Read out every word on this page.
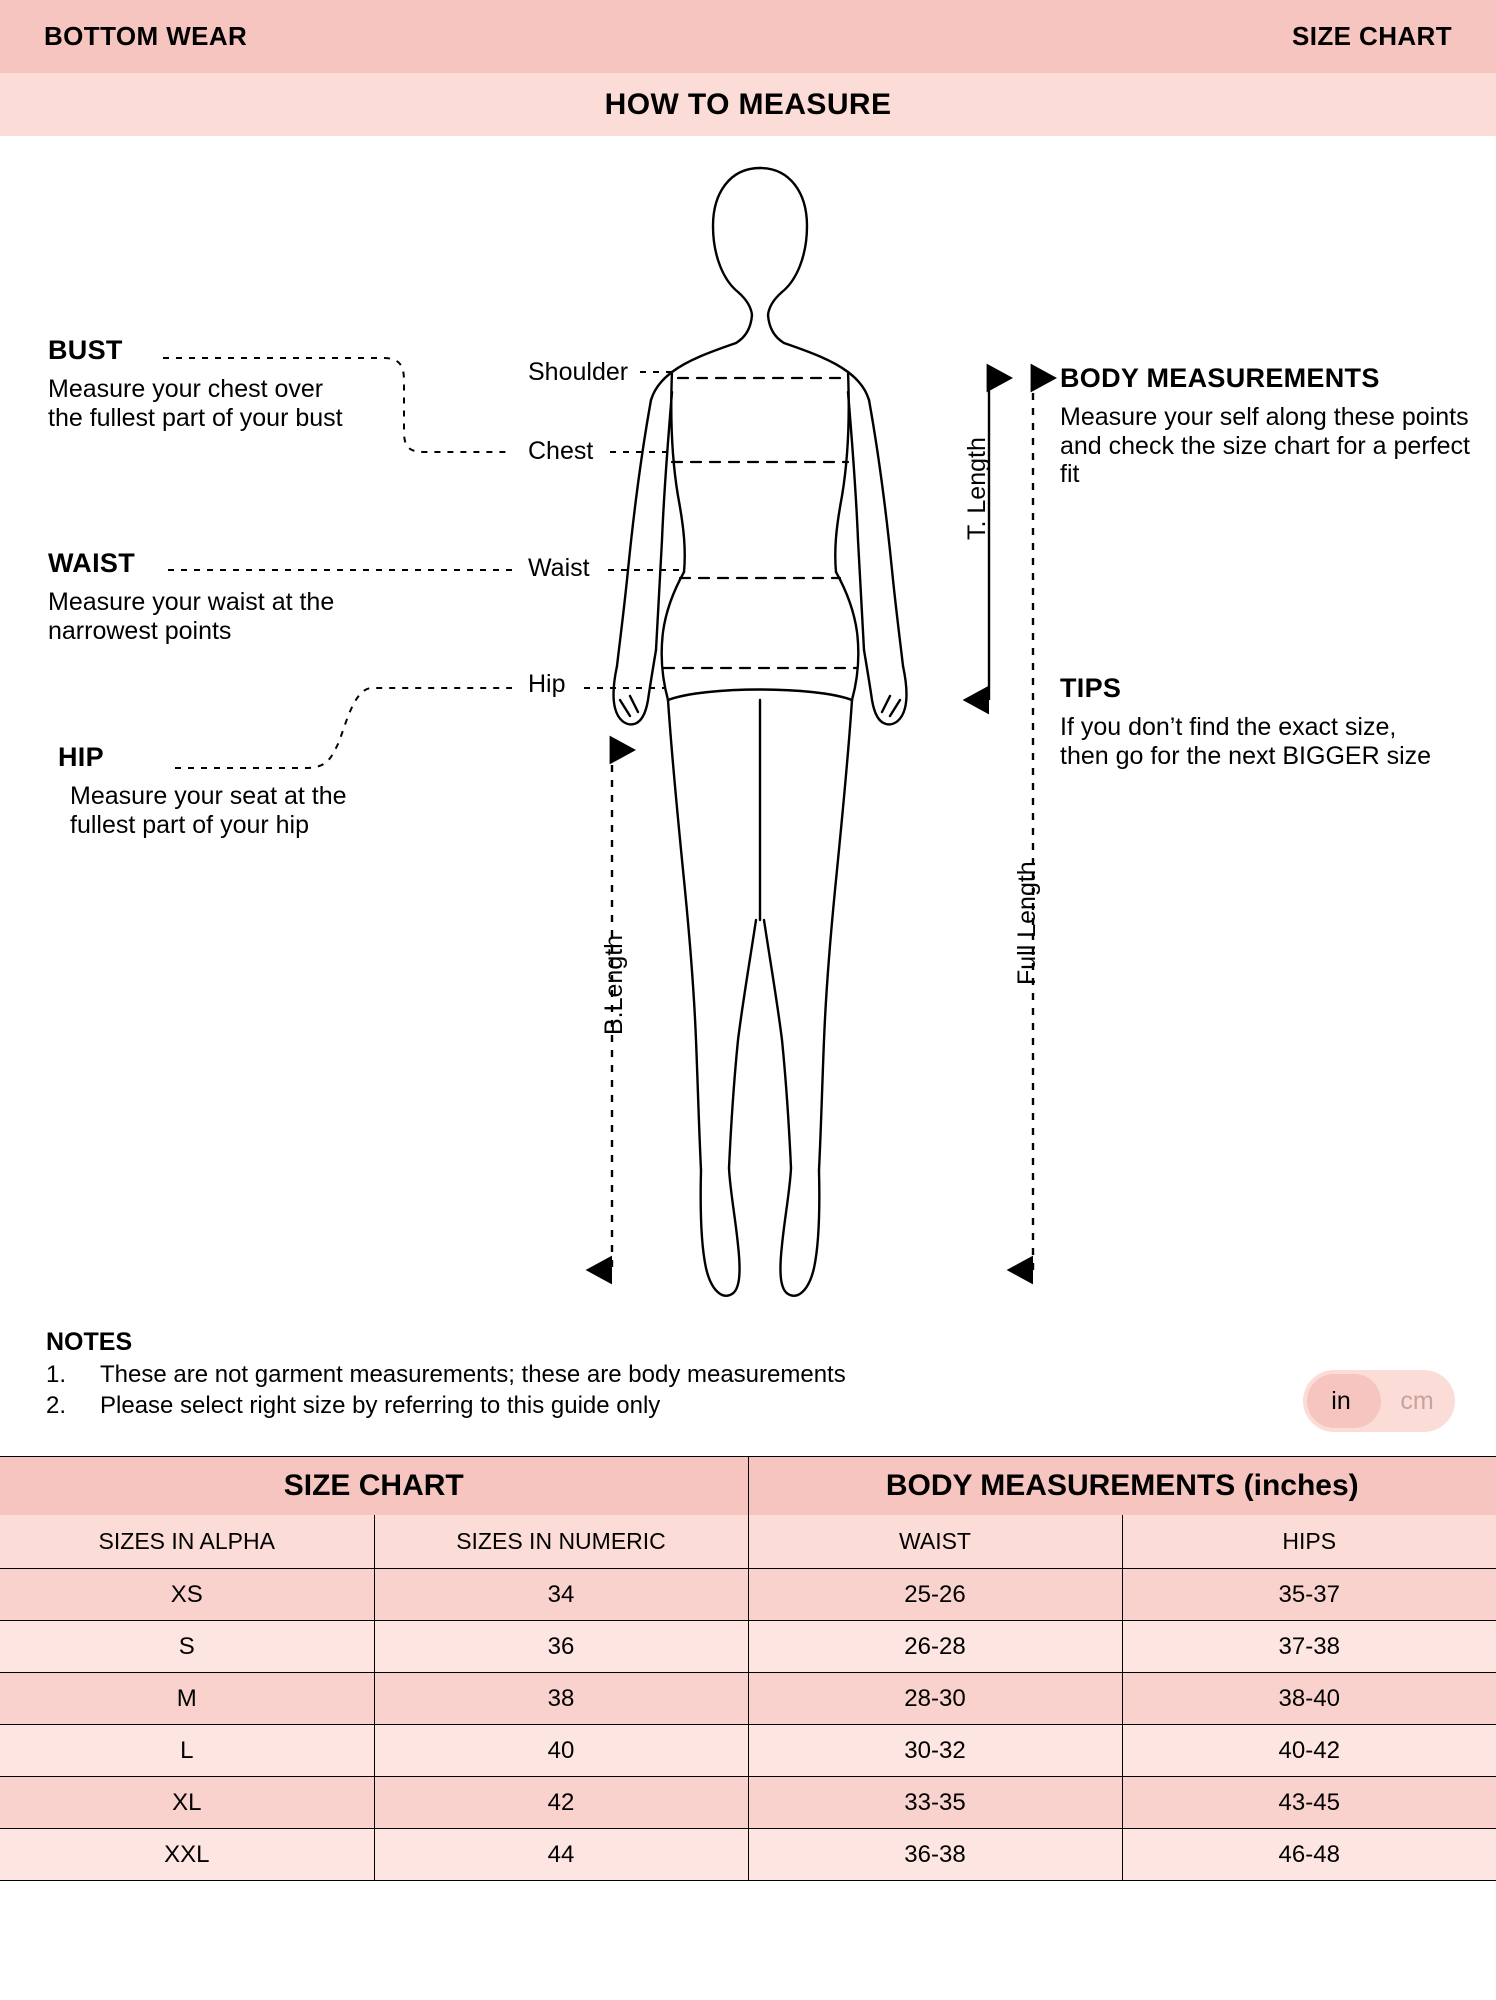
BOTTOM WEAR	SIZE CHART
HOW TO MEASURE
BUST
Measure your chest over the fullest part of your bust
WAIST
Measure your waist at the narrowest points
HIP
Measure your seat at the fullest part of your hip
Shoulder
Chest
Waist
Hip
T. Length
B.Length	Full Length
BODY MEASUREMENTS
Measure your self along these points and check the size chart for a perfect fit
TIPS
If you don’t find the exact size, then go for the next BIGGER size
NOTES
1.	These are not garment measurements; these are body measurements
2.	Please select right size by referring to this guide only	in	cm
SIZE CHART		BODY MEASUREMENTS (inches)	
SIZES IN ALPHA	SIZES IN NUMERIC	WAIST	HIPS
XS	34	25-26	35-37
S	36	26-28	37-38
M	38	28-30	38-40
L	40	30-32	40-42
XL	42	33-35	43-45
XXL	44	36-38	46-48
